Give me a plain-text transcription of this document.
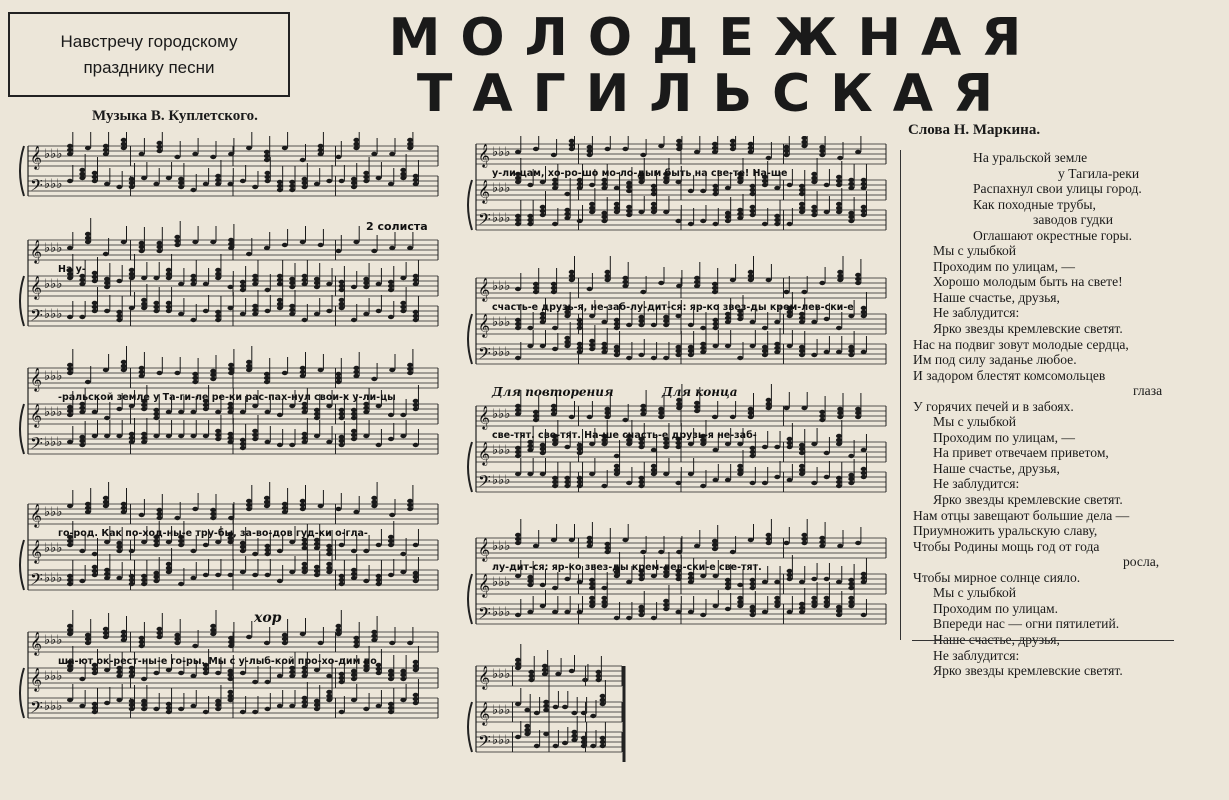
Навстречу городскому
празднику песни	МОЛОДЕЖНАЯ
ТАГИЛЬСКАЯ
Музыка В. Куплетского.
Слова Н. Маркина.
𝄞 ♭♭♭
𝄢 ♭♭♭
𝄞 ♭♭♭
𝄞 ♭♭♭
𝄢 ♭♭♭
На у-
2 солиста
𝄞 ♭♭♭
𝄞 ♭♭♭
𝄢 ♭♭♭
-ральской земле у Та-ги-ле ре-ки рас-пах-нул свои-х у-ли-цы
𝄞 ♭♭♭
𝄞 ♭♭♭
𝄢 ♭♭♭
го-род. Как по-ход-ны-е тру-бы, за-во-дов гуд-ки о-гла-
𝄞 ♭♭♭
𝄞 ♭♭♭
𝄢 ♭♭♭
ша-ют ок-рест-ны-е го-ры. Мы с у-лыб-кой про-хо-дим по
хор
𝄞 ♭♭♭
𝄞 ♭♭♭
𝄢 ♭♭♭
у-ли-цам, хо-ро-шо мо-ло-дым быть на све-те! На-ше
𝄞 ♭♭♭
𝄞 ♭♭♭
𝄢 ♭♭♭
счасть-е друзь-я, не-заб-лу-дит-ся: яр-ко звез-ды крем-лев-ски-е
𝄞 ♭♭♭
𝄞 ♭♭♭
𝄢 ♭♭♭
све-тят. све-тят. На-ше счасть-е друзь-я не-заб-
Для повторения	Для конца
𝄞 ♭♭♭
𝄞 ♭♭♭
𝄢 ♭♭♭
лу-дит-ся: яр-ко звез-ды крем-лев-ски-е све-тят.
𝄞 ♭♭♭
𝄞 ♭♭♭
𝄢 ♭♭♭
На уральской земле
у Тагила-реки
Распахнул свои улицы город.
Как походные трубы,
заводов гудки
Оглашают окрестные горы.
Мы с улыбкой
Проходим по улицам, —
Хорошо молодым быть на свете!
Наше счастье, друзья,
Не заблудится:
Ярко звезды кремлевские светят.
Нас на подвиг зовут молодые сердца,
Им под силу заданье любое.
И задором блестят комсомольцев
глаза
У горячих печей и в забоях.
Мы с улыбкой
Проходим по улицам, —
На привет отвечаем приветом,
Наше счастье, друзья,
Не заблудится:
Ярко звезды кремлевские светят.
Нам отцы завещают большие дела —
Приумножить уральскую славу,
Чтобы Родины мощь год от года
росла,
Чтобы мирное солнце сияло.
Мы с улыбкой
Проходим по улицам.
Впереди нас — огни пятилетий.
Наше счастье, друзья,
Не заблудится:
Ярко звезды кремлевские светят.
